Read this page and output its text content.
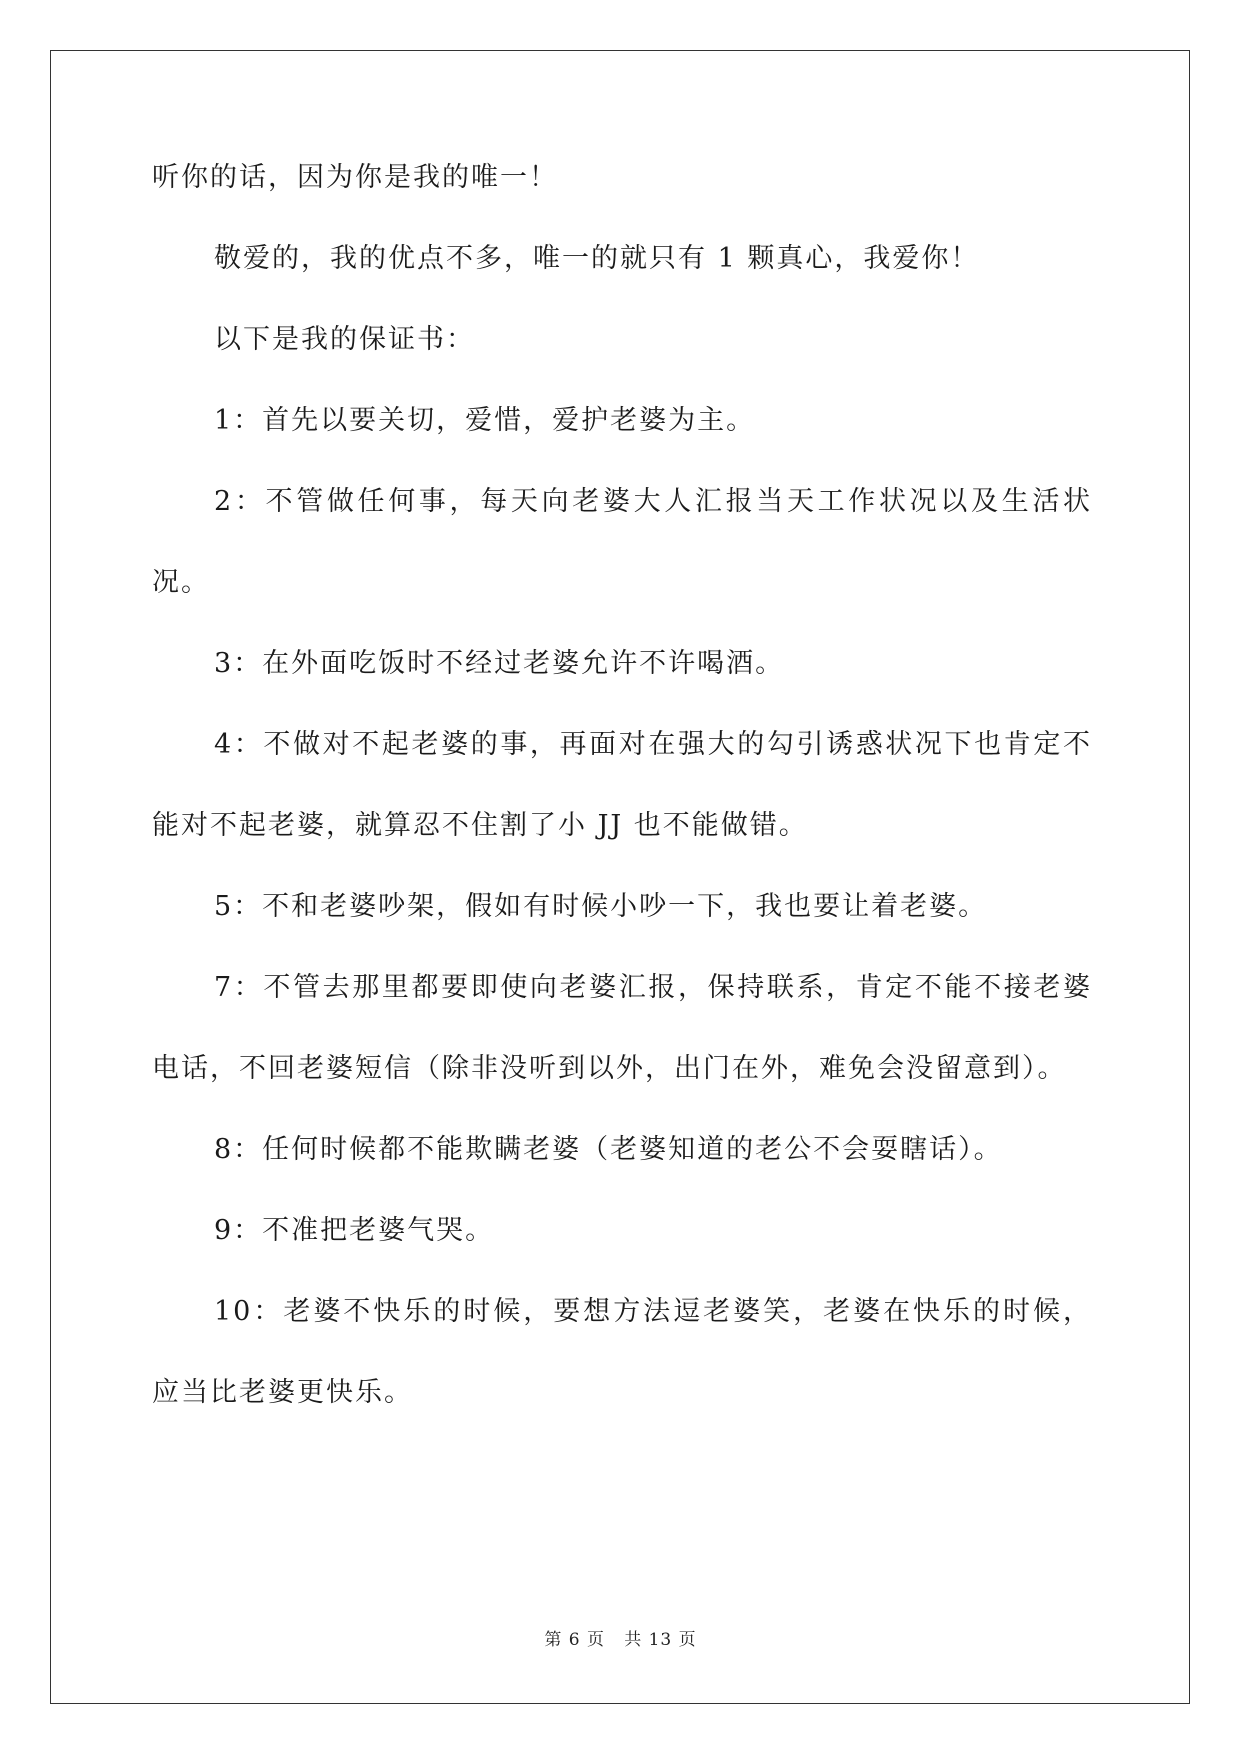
听你的话，因为你是我的唯一！

敬爱的，我的优点不多，唯一的就只有 1 颗真心，我爱你！

以下是我的保证书：

1：首先以要关切，爱惜，爱护老婆为主。

2：不管做任何事，每天向老婆大人汇报当天工作状况以及生活状况。

3：在外面吃饭时不经过老婆允许不许喝酒。

4：不做对不起老婆的事，再面对在强大的勾引诱惑状况下也肯定不能对不起老婆，就算忍不住割了小 JJ 也不能做错。

5：不和老婆吵架，假如有时候小吵一下，我也要让着老婆。

7：不管去那里都要即使向老婆汇报，保持联系，肯定不能不接老婆电话，不回老婆短信（除非没听到以外，出门在外，难免会没留意到）。

8：任何时候都不能欺瞒老婆（老婆知道的老公不会耍瞎话）。

9：不准把老婆气哭。

10：老婆不快乐的时候，要想方法逗老婆笑，老婆在快乐的时候，应当比老婆更快乐。

第 6 页 共 13 页
